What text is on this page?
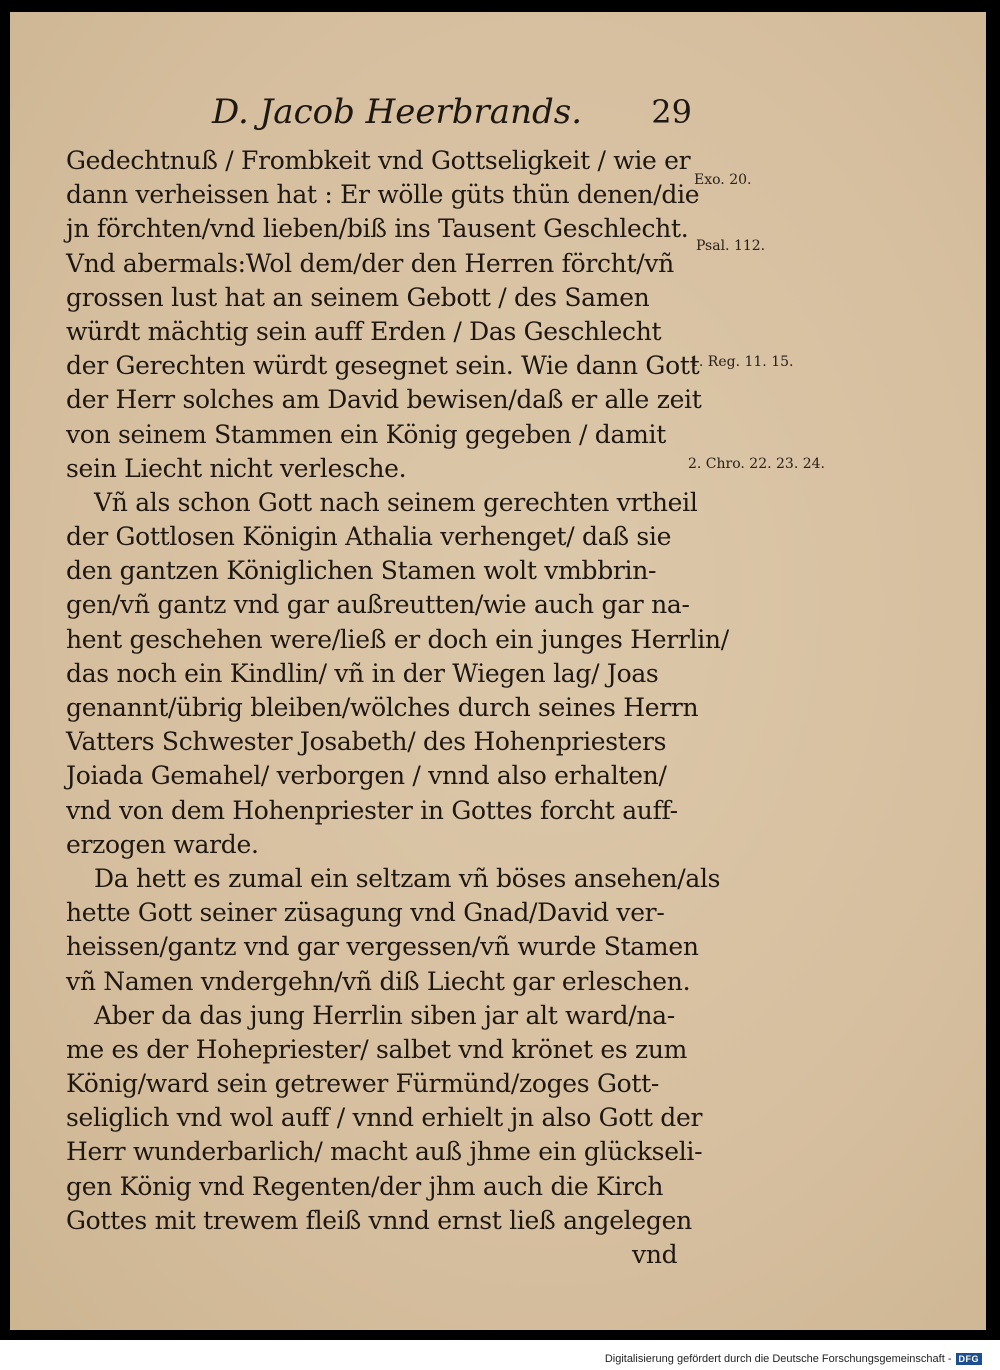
D. Jacob Heerbrands. 29
Gedechtnuß / Frombkeit vnd Gottseligkeit / wie er
dann verheissen hat : Er wölle güts thün denen/die
jn förchten/vnd lieben/biß ins Tausent Geschlecht.
Vnd abermals:Wol dem/der den Herren förcht/vñ
grossen lust hat an seinem Gebott / des Samen
würdt mächtig sein auff Erden / Das Geschlecht
der Gerechten würdt gesegnet sein. Wie dann Gott
der Herr solches am David bewisen/daß er alle zeit
von seinem Stammen ein König gegeben / damit
sein Liecht nicht verlesche.
Vñ als schon Gott nach seinem gerechten vrtheil
der Gottlosen Königin Athalia verhenget/ daß sie
den gantzen Königlichen Stamen wolt vmbbrin-
gen/vñ gantz vnd gar außreutten/wie auch gar na-
hent geschehen were/ließ er doch ein junges Herrlin/
das noch ein Kindlin/ vñ in der Wiegen lag/ Joas
genannt/übrig bleiben/wölches durch seines Herrn
Vatters Schwester Josabeth/ des Hohenpriesters
Joiada Gemahel/ verborgen / vnnd also erhalten/
vnd von dem Hohenpriester in Gottes forcht auff-
erzogen warde.
Da hett es zumal ein seltzam vñ böses ansehen/als
hette Gott seiner züsagung vnd Gnad/David ver-
heissen/gantz vnd gar vergessen/vñ wurde Stamen
vñ Namen vndergehn/vñ diß Liecht gar erleschen.
Aber da das jung Herrlin siben jar alt ward/na-
me es der Hohepriester/ salbet vnd krönet es zum
König/ward sein getrewer Fürmünd/zoges Gott-
seliglich vnd wol auff / vnnd erhielt jn also Gott der
Herr wunderbarlich/ macht auß jhme ein glückseli-
gen König vnd Regenten/der jhm auch die Kirch
Gottes mit trewem fleiß vnnd ernst ließ angelegen
vnd
Exo. 20.
Psal. 112.
1. Reg. 11. 15.
2. Chro. 22. 23. 24.
Digitalisierung gefördert durch die Deutsche Forschungsgemeinschaft - DFG
